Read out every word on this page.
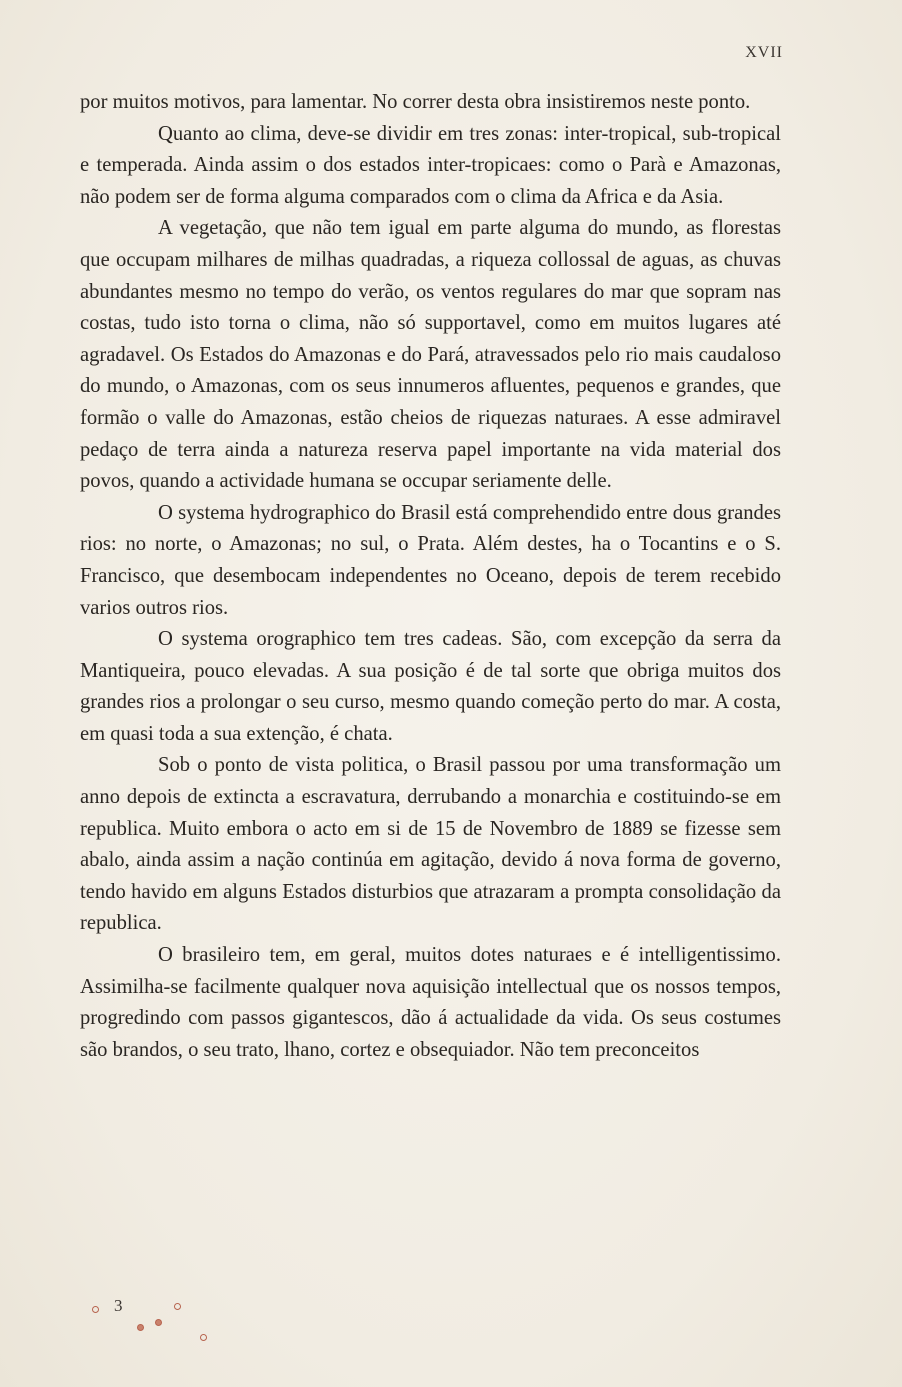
XVII

por muitos motivos, para lamentar. No correr desta obra insistiremos neste ponto.

Quanto ao clima, deve-se dividir em tres zonas: inter-tropical, sub-tropical e temperada. Ainda assim o dos estados inter-tropicaes: como o Parà e Amazonas, não podem ser de forma alguma comparados com o clima da Africa e da Asia.

A vegetação, que não tem igual em parte alguma do mundo, as florestas que occupam milhares de milhas quadradas, a riqueza collossal de aguas, as chuvas abundantes mesmo no tempo do verão, os ventos regulares do mar que sopram nas costas, tudo isto torna o clima, não só supportavel, como em muitos lugares até agradavel. Os Estados do Amazonas e do Pará, atravessados pelo rio mais caudaloso do mundo, o Amazonas, com os seus innumeros afluentes, pequenos e grandes, que formão o valle do Amazonas, estão cheios de riquezas naturaes. A esse admiravel pedaço de terra ainda a natureza reserva papel importante na vida material dos povos, quando a actividade humana se occupar seriamente delle.

O systema hydrographico do Brasil está comprehendido entre dous grandes rios: no norte, o Amazonas; no sul, o Prata. Além destes, ha o Tocantins e o S. Francisco, que desembocam independentes no Oceano, depois de terem recebido varios outros rios.

O systema orographico tem tres cadeas. São, com excepção da serra da Mantiqueira, pouco elevadas. A sua posição é de tal sorte que obriga muitos dos grandes rios a prolongar o seu curso, mesmo quando começão perto do mar. A costa, em quasi toda a sua extenção, é chata.

Sob o ponto de vista politica, o Brasil passou por uma transformação um anno depois de extincta a escravatura, derrubando a monarchia e costituindo-se em republica. Muito embora o acto em si de 15 de Novembro de 1889 se fizesse sem abalo, ainda assim a nação continúa em agitação, devido á nova forma de governo, tendo havido em alguns Estados disturbios que atrazaram a prompta consolidação da republica.

O brasileiro tem, em geral, muitos dotes naturaes e é intelligentissimo. Assimilha-se facilmente qualquer nova aquisição intellectual que os nossos tempos, progredindo com passos gigantescos, dão á actualidade da vida. Os seus costumes são brandos, o seu trato, lhano, cortez e obsequiador. Não tem preconceitos

3
